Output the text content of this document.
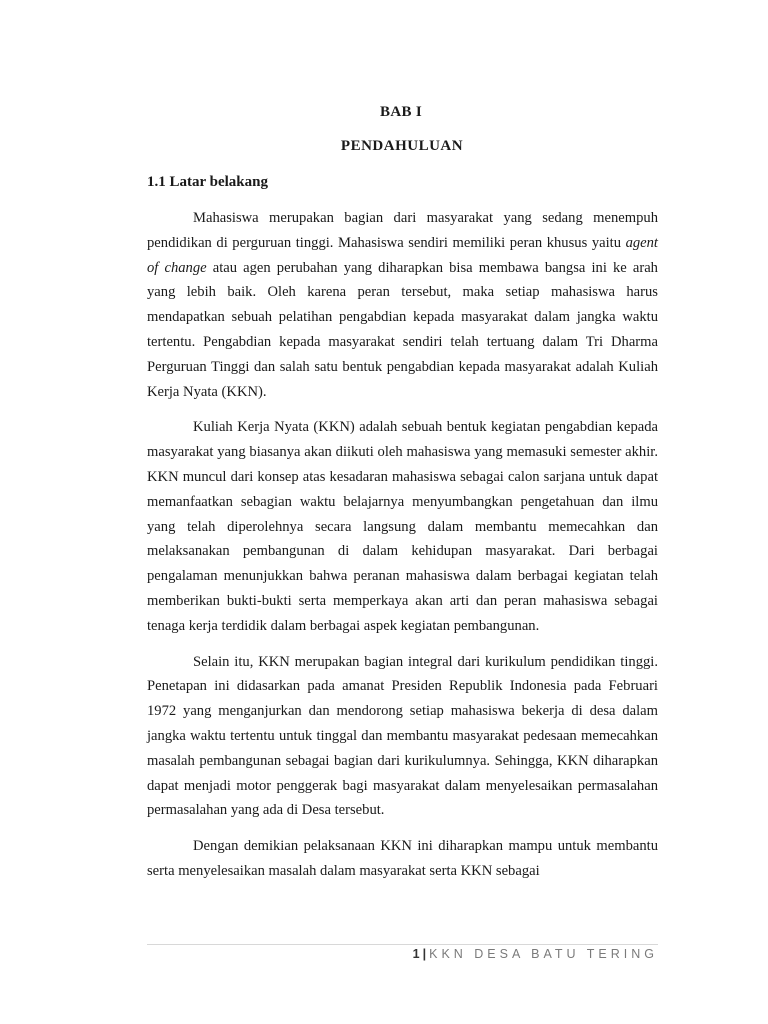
BAB I
PENDAHULUAN
1.1 Latar belakang

Mahasiswa merupakan bagian dari masyarakat yang sedang menempuh pendidikan di perguruan tinggi. Mahasiswa sendiri memiliki peran khusus yaitu agent of change atau agen perubahan yang diharapkan bisa membawa bangsa ini ke arah yang lebih baik. Oleh karena peran tersebut, maka setiap mahasiswa harus mendapatkan sebuah pelatihan pengabdian kepada masyarakat dalam jangka waktu tertentu. Pengabdian kepada masyarakat sendiri telah tertuang dalam Tri Dharma Perguruan Tinggi dan salah satu bentuk pengabdian kepada masyarakat adalah Kuliah Kerja Nyata (KKN).

Kuliah Kerja Nyata (KKN) adalah sebuah bentuk kegiatan pengabdian kepada masyarakat yang biasanya akan diikuti oleh mahasiswa yang memasuki semester akhir. KKN muncul dari konsep atas kesadaran mahasiswa sebagai calon sarjana untuk dapat memanfaatkan sebagian waktu belajarnya menyumbangkan pengetahuan dan ilmu yang telah diperolehnya secara langsung dalam membantu memecahkan dan melaksanakan pembangunan di dalam kehidupan masyarakat. Dari berbagai pengalaman menunjukkan bahwa peranan mahasiswa dalam berbagai kegiatan telah memberikan bukti-bukti serta memperkaya akan arti dan peran mahasiswa sebagai tenaga kerja terdidik dalam berbagai aspek kegiatan pembangunan.

Selain itu, KKN merupakan bagian integral dari kurikulum pendidikan tinggi. Penetapan ini didasarkan pada amanat Presiden Republik Indonesia pada Februari 1972 yang menganjurkan dan mendorong setiap mahasiswa bekerja di desa dalam jangka waktu tertentu untuk tinggal dan membantu masyarakat pedesaan memecahkan masalah pembangunan sebagai bagian dari kurikulumnya. Sehingga, KKN diharapkan dapat menjadi motor penggerak bagi masyarakat dalam menyelesaikan permasalahan permasalahan yang ada di Desa tersebut.

Dengan demikian pelaksanaan KKN ini diharapkan mampu untuk membantu serta menyelesaikan masalah dalam masyarakat serta KKN sebagai

1 | KKN DESA BATU TERING
